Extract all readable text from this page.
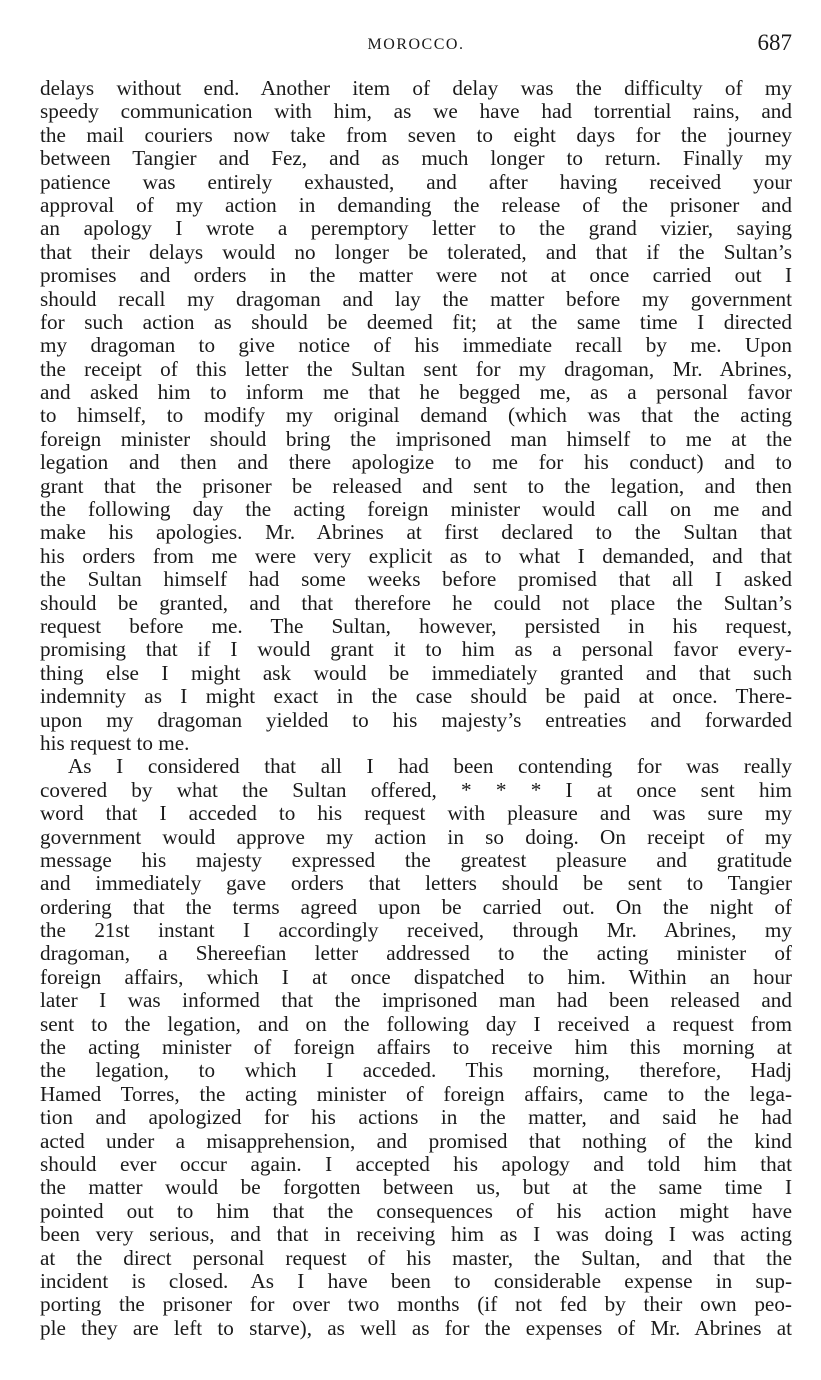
MOROCCO.	687
delays without end. Another item of delay was the difficulty of my
speedy communication with him, as we have had torrential rains, and
the mail couriers now take from seven to eight days for the journey
between Tangier and Fez, and as much longer to return. Finally my
patience was entirely exhausted, and after having received your
approval of my action in demanding the release of the prisoner and
an apology I wrote a peremptory letter to the grand vizier, saying
that their delays would no longer be tolerated, and that if the Sultan’s
promises and orders in the matter were not at once carried out I
should recall my dragoman and lay the matter before my government
for such action as should be deemed fit; at the same time I directed
my dragoman to give notice of his immediate recall by me. Upon
the receipt of this letter the Sultan sent for my dragoman, Mr. Abrines,
and asked him to inform me that he begged me, as a personal favor
to himself, to modify my original demand (which was that the acting
foreign minister should bring the imprisoned man himself to me at the
legation and then and there apologize to me for his conduct) and to
grant that the prisoner be released and sent to the legation, and then
the following day the acting foreign minister would call on me and
make his apologies. Mr. Abrines at first declared to the Sultan that
his orders from me were very explicit as to what I demanded, and that
the Sultan himself had some weeks before promised that all I asked
should be granted, and that therefore he could not place the Sultan’s
request before me. The Sultan, however, persisted in his request,
promising that if I would grant it to him as a personal favor every-
thing else I might ask would be immediately granted and that such
indemnity as I might exact in the case should be paid at once. There-
upon my dragoman yielded to his majesty’s entreaties and forwarded
his request to me.
As I considered that all I had been contending for was really
covered by what the Sultan offered, * * * I at once sent him
word that I acceded to his request with pleasure and was sure my
government would approve my action in so doing. On receipt of my
message his majesty expressed the greatest pleasure and gratitude
and immediately gave orders that letters should be sent to Tangier
ordering that the terms agreed upon be carried out. On the night of
the 21st instant I accordingly received, through Mr. Abrines, my
dragoman, a Shereefian letter addressed to the acting minister of
foreign affairs, which I at once dispatched to him. Within an hour
later I was informed that the imprisoned man had been released and
sent to the legation, and on the following day I received a request from
the acting minister of foreign affairs to receive him this morning at
the legation, to which I acceded. This morning, therefore, Hadj
Hamed Torres, the acting minister of foreign affairs, came to the lega-
tion and apologized for his actions in the matter, and said he had
acted under a misapprehension, and promised that nothing of the kind
should ever occur again. I accepted his apology and told him that
the matter would be forgotten between us, but at the same time I
pointed out to him that the consequences of his action might have
been very serious, and that in receiving him as I was doing I was acting
at the direct personal request of his master, the Sultan, and that the
incident is closed. As I have been to considerable expense in sup-
porting the prisoner for over two months (if not fed by their own peo-
ple they are left to starve), as well as for the expenses of Mr. Abrines at
